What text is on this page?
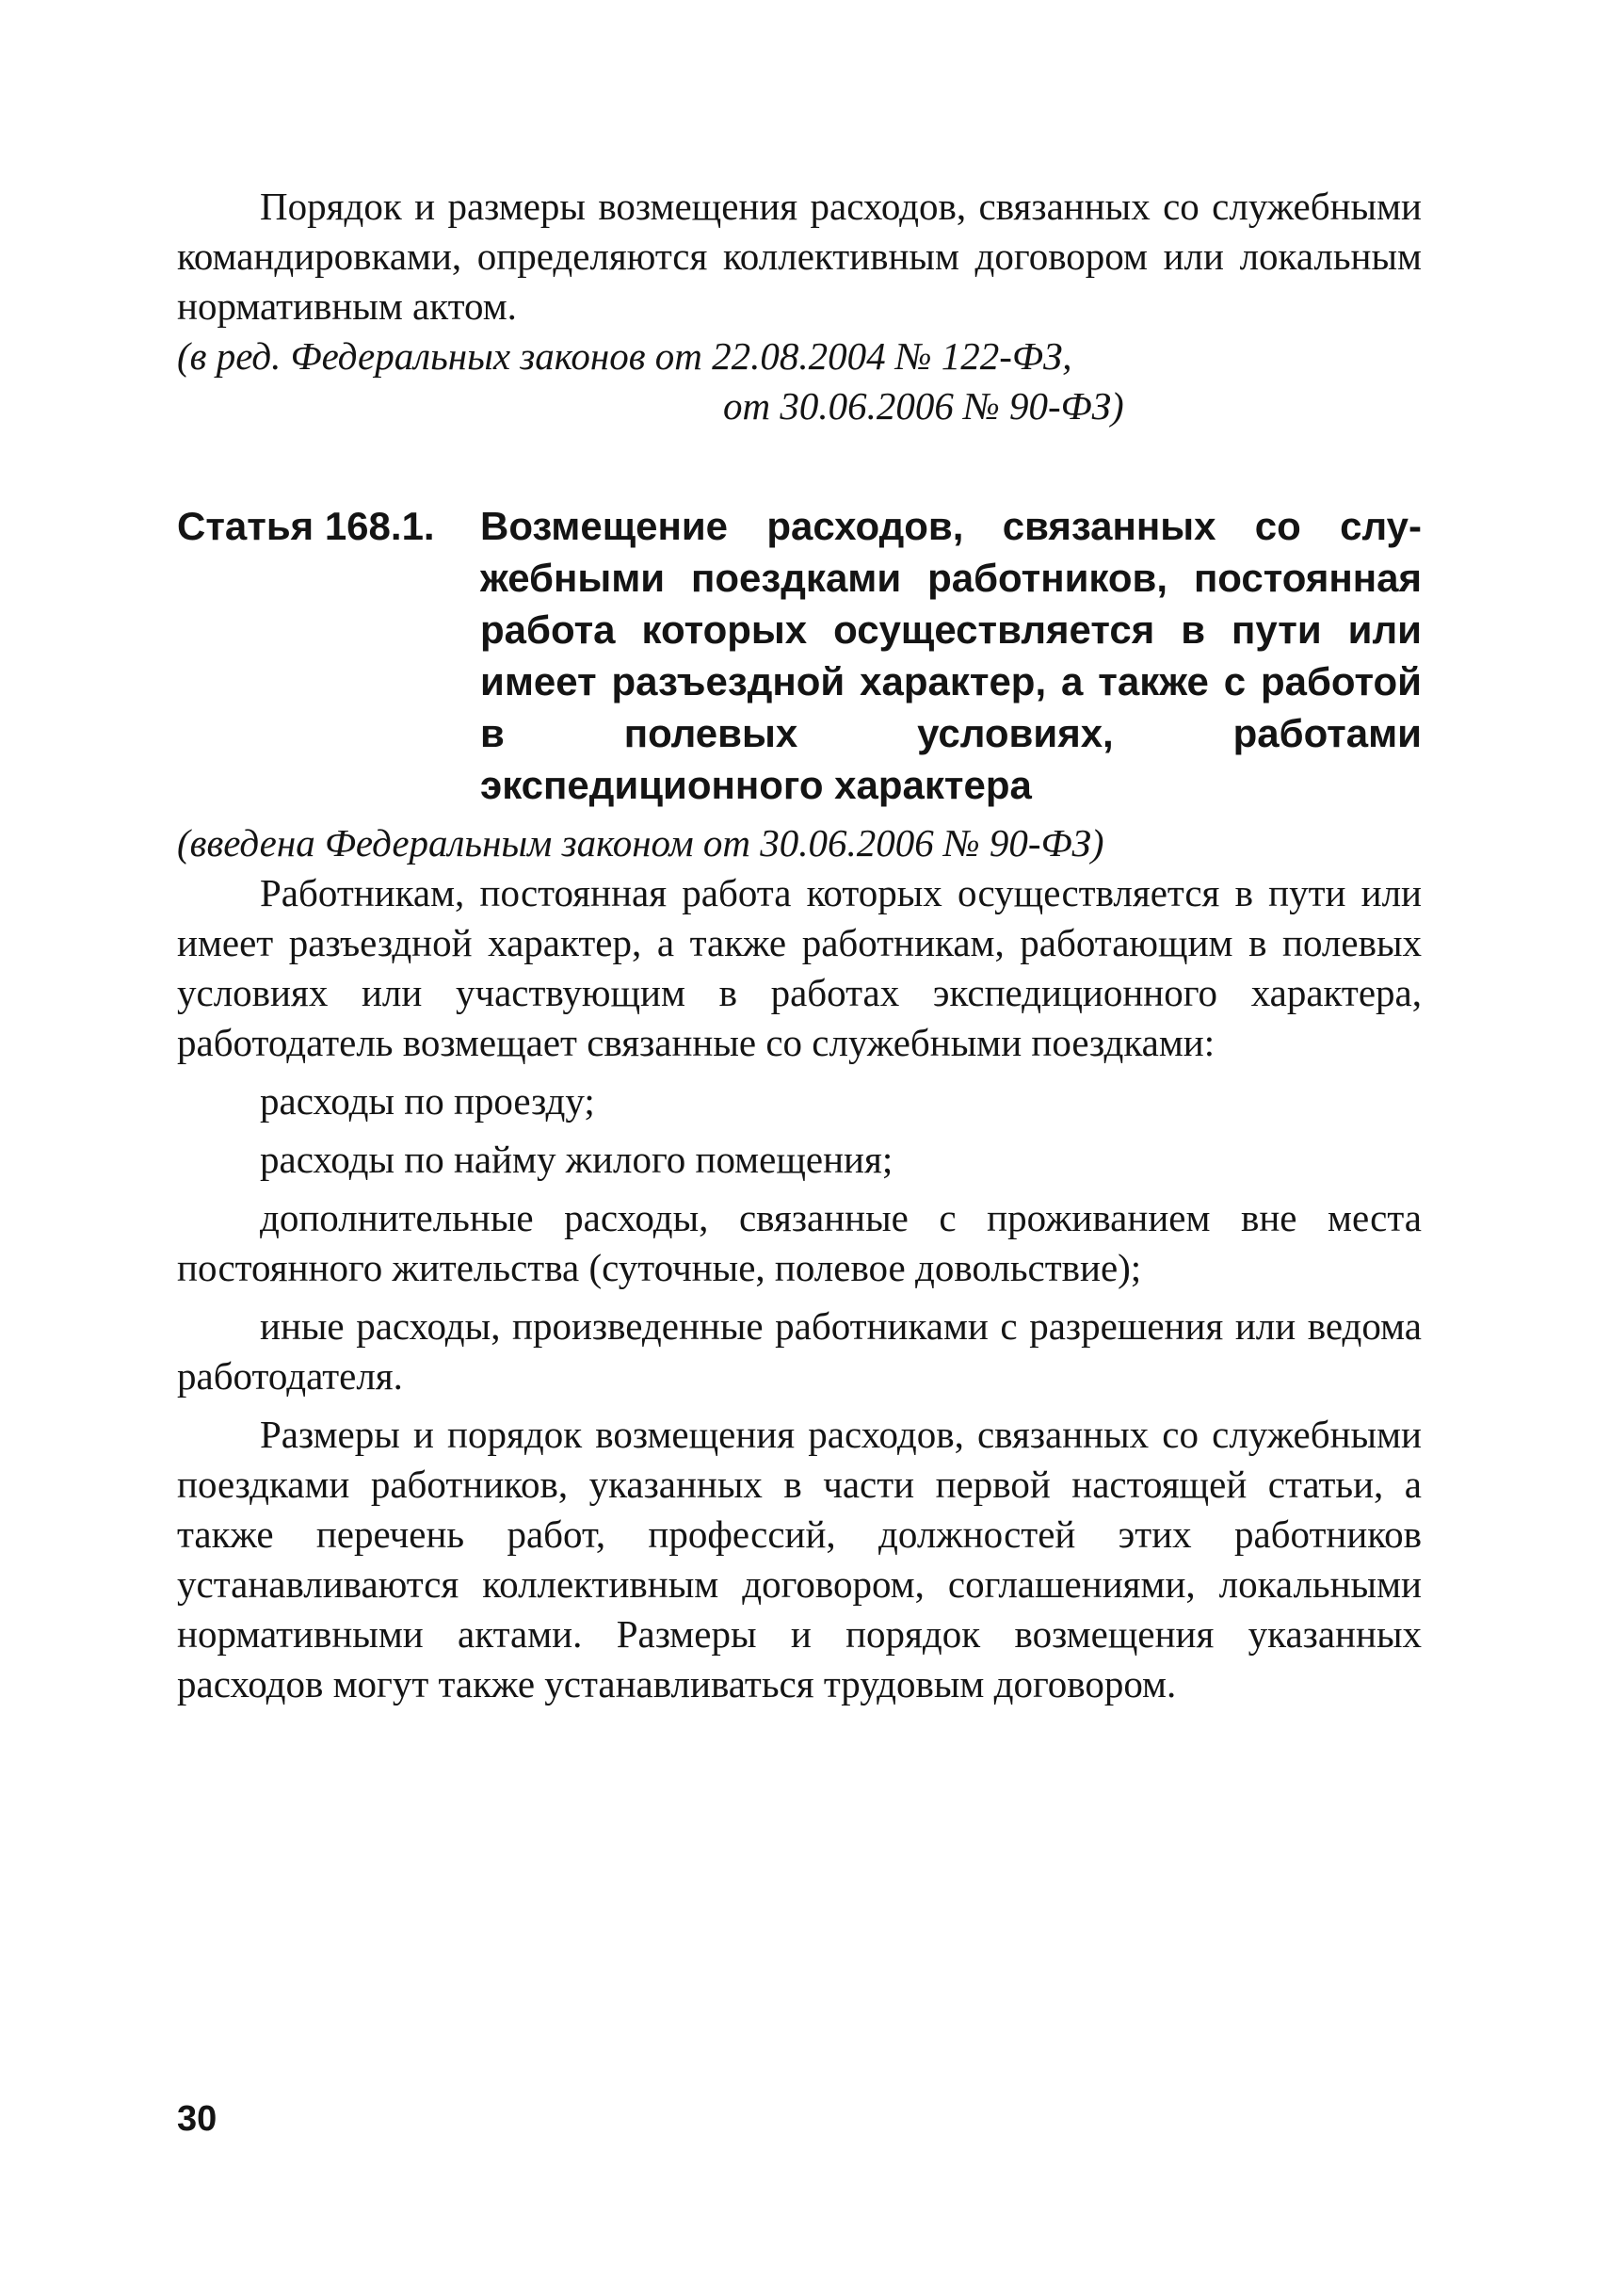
Порядок и размеры возмещения расходов, связанных со служебными командировками, определяются коллективным договором или локальным нормативным актом.

(в ред. Федеральных законов от 22.08.2004 № 122-ФЗ,

от 30.06.2006 № 90-ФЗ)

Статья 168.1.	Возмещение расходов, связанных со служебными поездками работников, постоянная работа которых осуществляется в пути или имеет разъездной характер, а также с работой в полевых условиях, работами экспедиционного характера

(введена Федеральным законом от 30.06.2006 № 90-ФЗ)

Работникам, постоянная работа которых осуществляется в пути или имеет разъездной характер, а также работникам, работающим в полевых условиях или участвующим в работах экспедиционного характера, работодатель возмещает связанные со служебными поездками:

расходы по проезду;

расходы по найму жилого помещения;

дополнительные расходы, связанные с проживанием вне места постоянного жительства (суточные, полевое довольствие);

иные расходы, произведенные работниками с разрешения или ведома работодателя.

Размеры и порядок возмещения расходов, связанных со служебными поездками работников, указанных в части первой настоящей статьи, а также перечень работ, профессий, должностей этих работников устанавливаются коллективным договором, соглашениями, локальными нормативными актами. Размеры и порядок возмещения указанных расходов могут также устанавливаться трудовым договором.

30
